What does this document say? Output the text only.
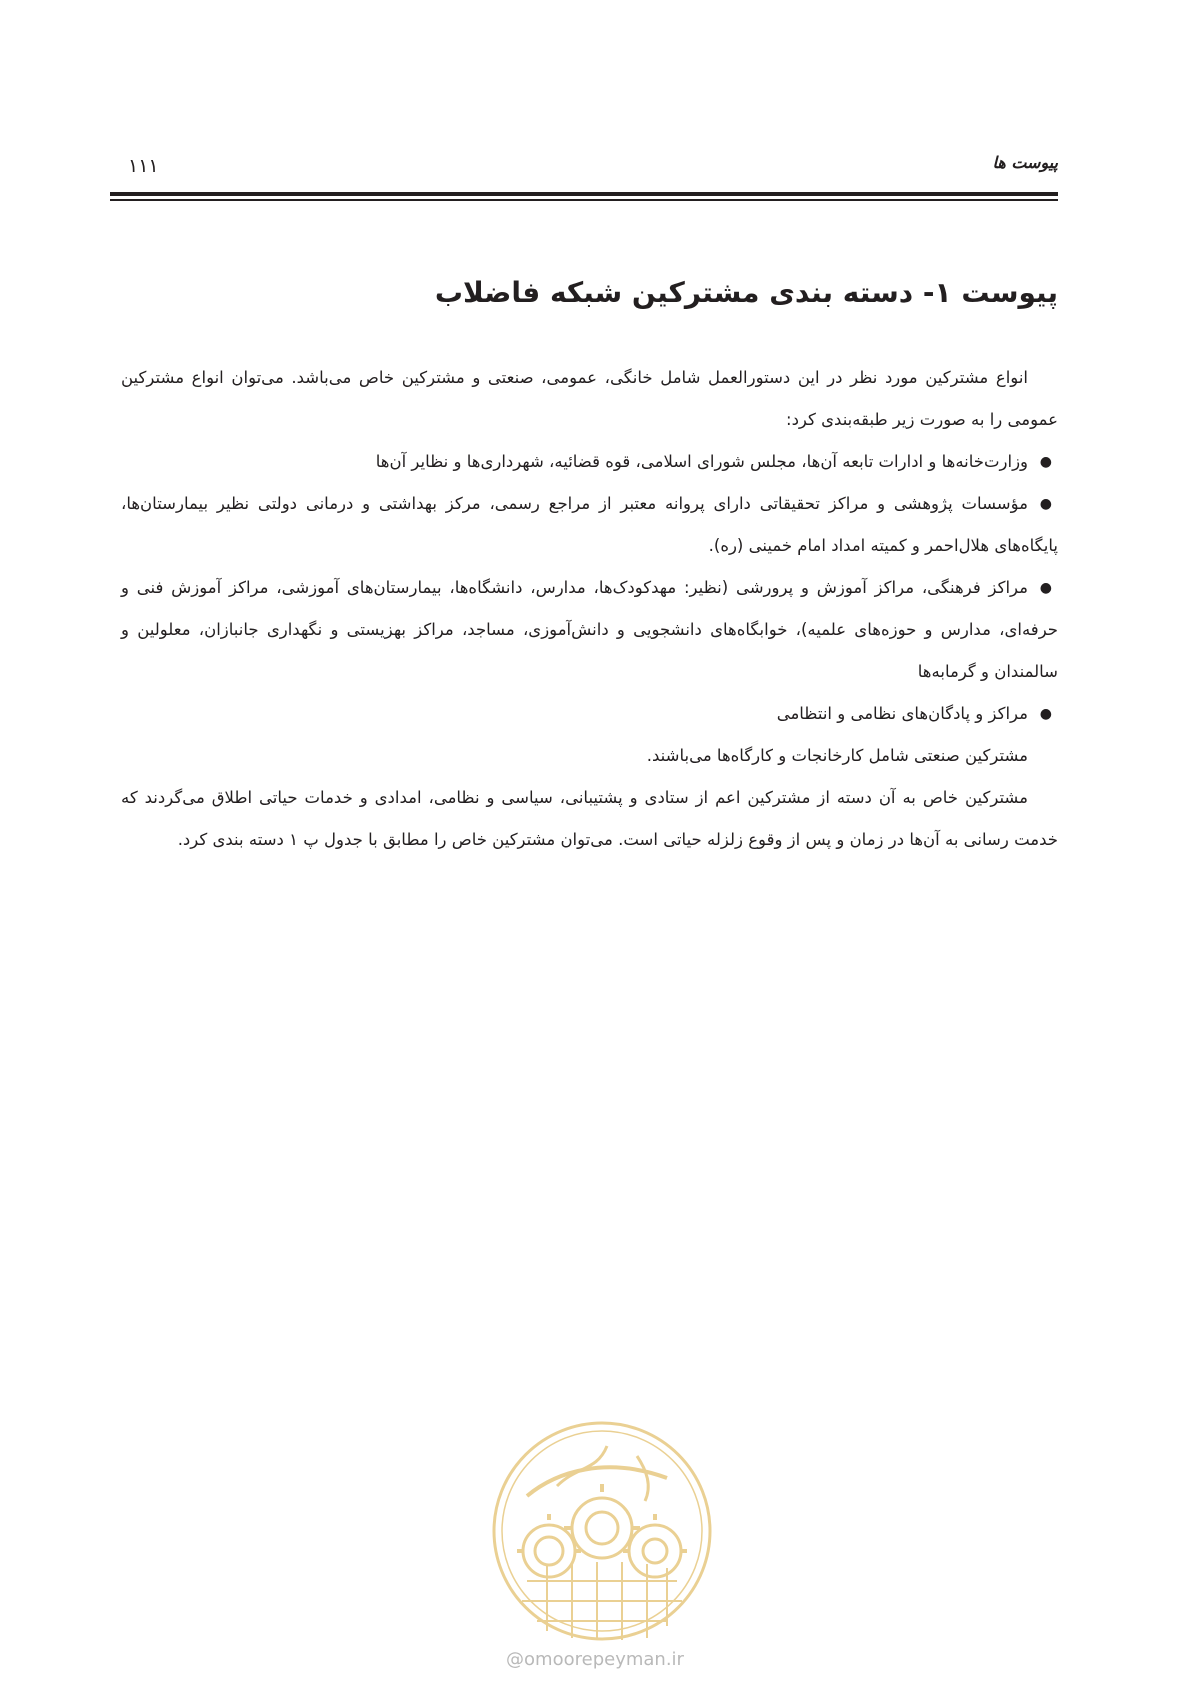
پیوست ها
۱۱۱
پیوست ۱- دسته بندی مشترکین شبکه فاضلاب

انواع مشترکین مورد نظر در این دستورالعمل شامل خانگی، عمومی، صنعتی و مشترکین خاص می‌باشد. می‌توان انواع مشترکین عمومی را به صورت زیر طبقه‌بندی کرد:

●
وزارت‌خانه‌ها و ادارات تابعه آن‌ها، مجلس شورای اسلامی، قوه قضائیه، شهرداری‌ها و نظایر آن‌ها

●
مؤسسات پژوهشی و مراکز تحقیقاتی دارای پروانه معتبر از مراجع رسمی، مرکز بهداشتی و درمانی دولتی نظیر بیمارستان‌ها، پایگاه‌های هلال‌احمر و کمیته امداد امام خمینی (ره).

●
مراکز فرهنگی، مراکز آموزش و پرورشی (نظیر: مهدکودک‌ها، مدارس، دانشگاه‌ها، بیمارستان‌های آموزشی، مراکز آموزش فنی و حرفه‌ای، مدارس و حوزه‌های علمیه)، خوابگاه‌های دانشجویی و دانش‌آموزی، مساجد، مراکز بهزیستی و نگهداری جانبازان، معلولین و سالمندان و گرمابه‌ها

●
مراکز و پادگان‌های نظامی و انتظامی

مشترکین صنعتی شامل کارخانجات و کارگاه‌ها می‌باشند.

مشترکین خاص به آن دسته از مشترکین اعم از ستادی و پشتیبانی، سیاسی و نظامی، امدادی و خدمات حیاتی اطلاق می‌گردند که خدمت رسانی به آن‌ها در زمان و پس از وقوع زلزله حیاتی است. می‌توان مشترکین خاص را مطابق با جدول پ ۱ دسته بندی کرد.

@omoorepeyman.ir
